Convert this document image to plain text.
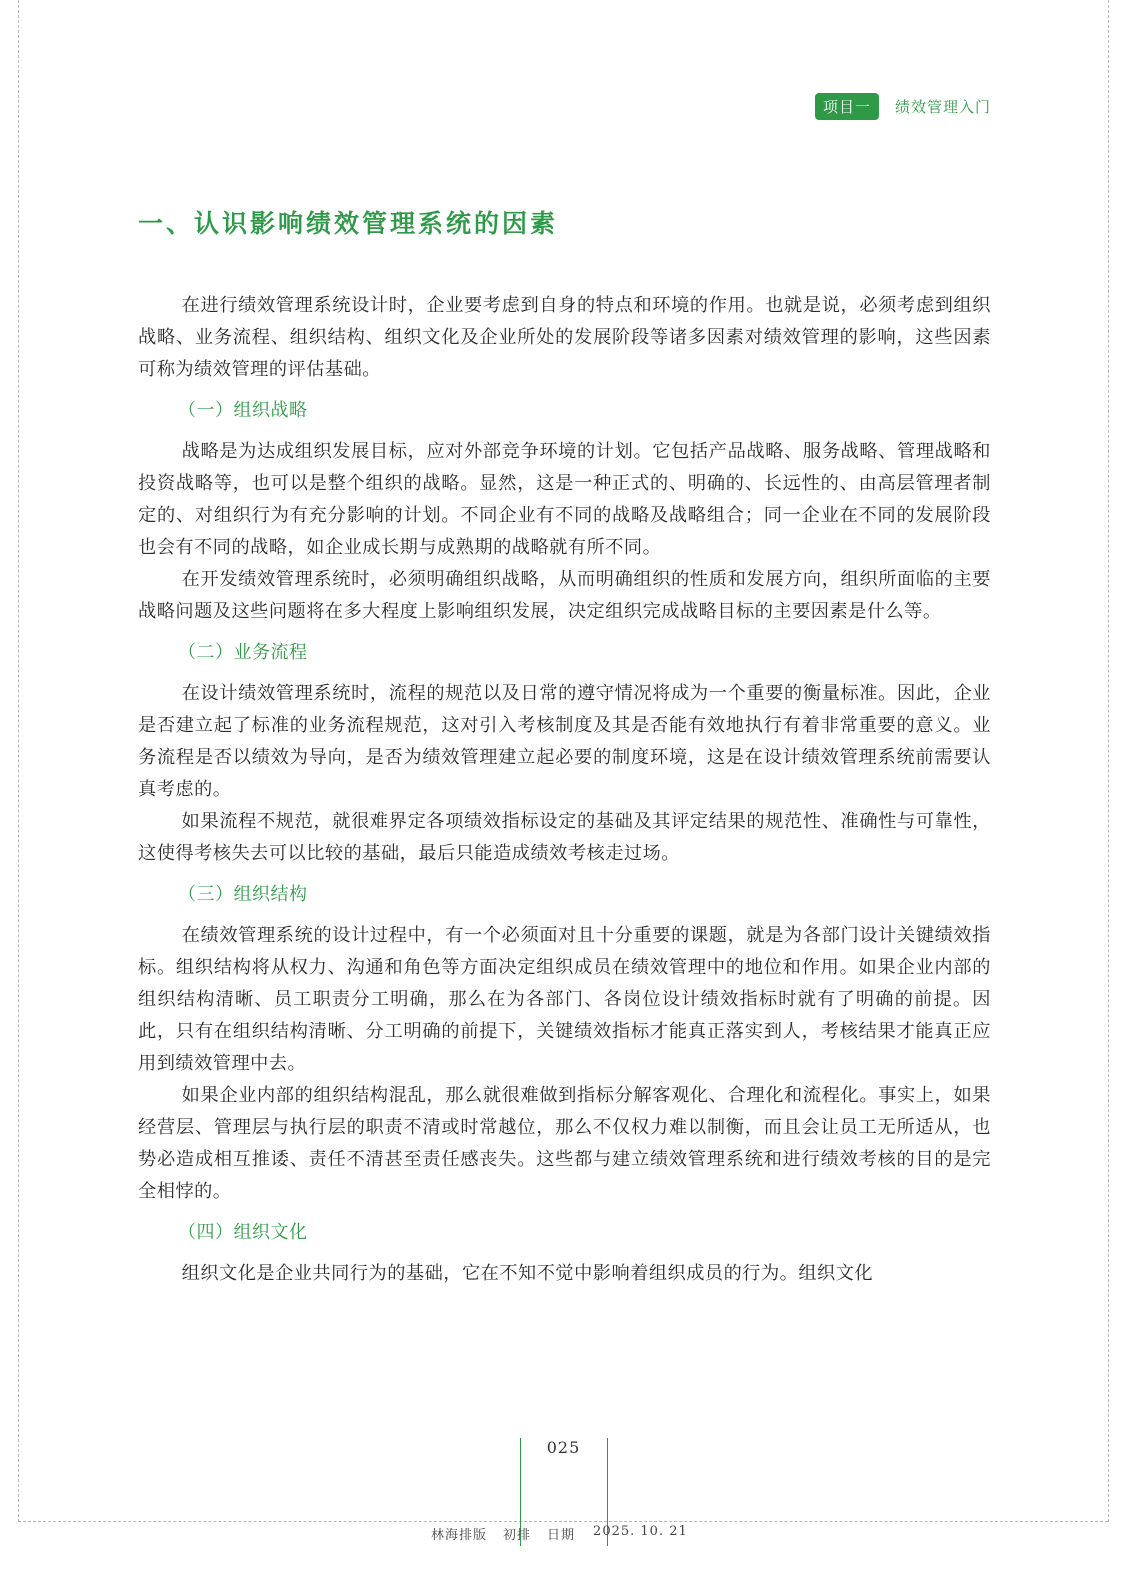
项目一	绩效管理入门
一、认识影响绩效管理系统的因素

在进行绩效管理系统设计时，企业要考虑到自身的特点和环境的作用。也就是说，必须考虑到组织战略、业务流程、组织结构、组织文化及企业所处的发展阶段等诸多因素对绩效管理的影响，这些因素可称为绩效管理的评估基础。

（一）组织战略

战略是为达成组织发展目标，应对外部竞争环境的计划。它包括产品战略、服务战略、管理战略和投资战略等，也可以是整个组织的战略。显然，这是一种正式的、明确的、长远性的、由高层管理者制定的、对组织行为有充分影响的计划。不同企业有不同的战略及战略组合；同一企业在不同的发展阶段也会有不同的战略，如企业成长期与成熟期的战略就有所不同。

在开发绩效管理系统时，必须明确组织战略，从而明确组织的性质和发展方向，组织所面临的主要战略问题及这些问题将在多大程度上影响组织发展，决定组织完成战略目标的主要因素是什么等。

（二）业务流程

在设计绩效管理系统时，流程的规范以及日常的遵守情况将成为一个重要的衡量标准。因此，企业是否建立起了标准的业务流程规范，这对引入考核制度及其是否能有效地执行有着非常重要的意义。业务流程是否以绩效为导向，是否为绩效管理建立起必要的制度环境，这是在设计绩效管理系统前需要认真考虑的。

如果流程不规范，就很难界定各项绩效指标设定的基础及其评定结果的规范性、准确性与可靠性，这使得考核失去可以比较的基础，最后只能造成绩效考核走过场。

（三）组织结构

在绩效管理系统的设计过程中，有一个必须面对且十分重要的课题，就是为各部门设计关键绩效指标。组织结构将从权力、沟通和角色等方面决定组织成员在绩效管理中的地位和作用。如果企业内部的组织结构清晰、员工职责分工明确，那么在为各部门、各岗位设计绩效指标时就有了明确的前提。因此，只有在组织结构清晰、分工明确的前提下，关键绩效指标才能真正落实到人，考核结果才能真正应用到绩效管理中去。

如果企业内部的组织结构混乱，那么就很难做到指标分解客观化、合理化和流程化。事实上，如果经营层、管理层与执行层的职责不清或时常越位，那么不仅权力难以制衡，而且会让员工无所适从，也势必造成相互推诿、责任不清甚至责任感丧失。这些都与建立绩效管理系统和进行绩效考核的目的是完全相悖的。

（四）组织文化

组织文化是企业共同行为的基础，它在不知不觉中影响着组织成员的行为。组织文化

025
林海排版 初排 日期 2025. 10. 21
